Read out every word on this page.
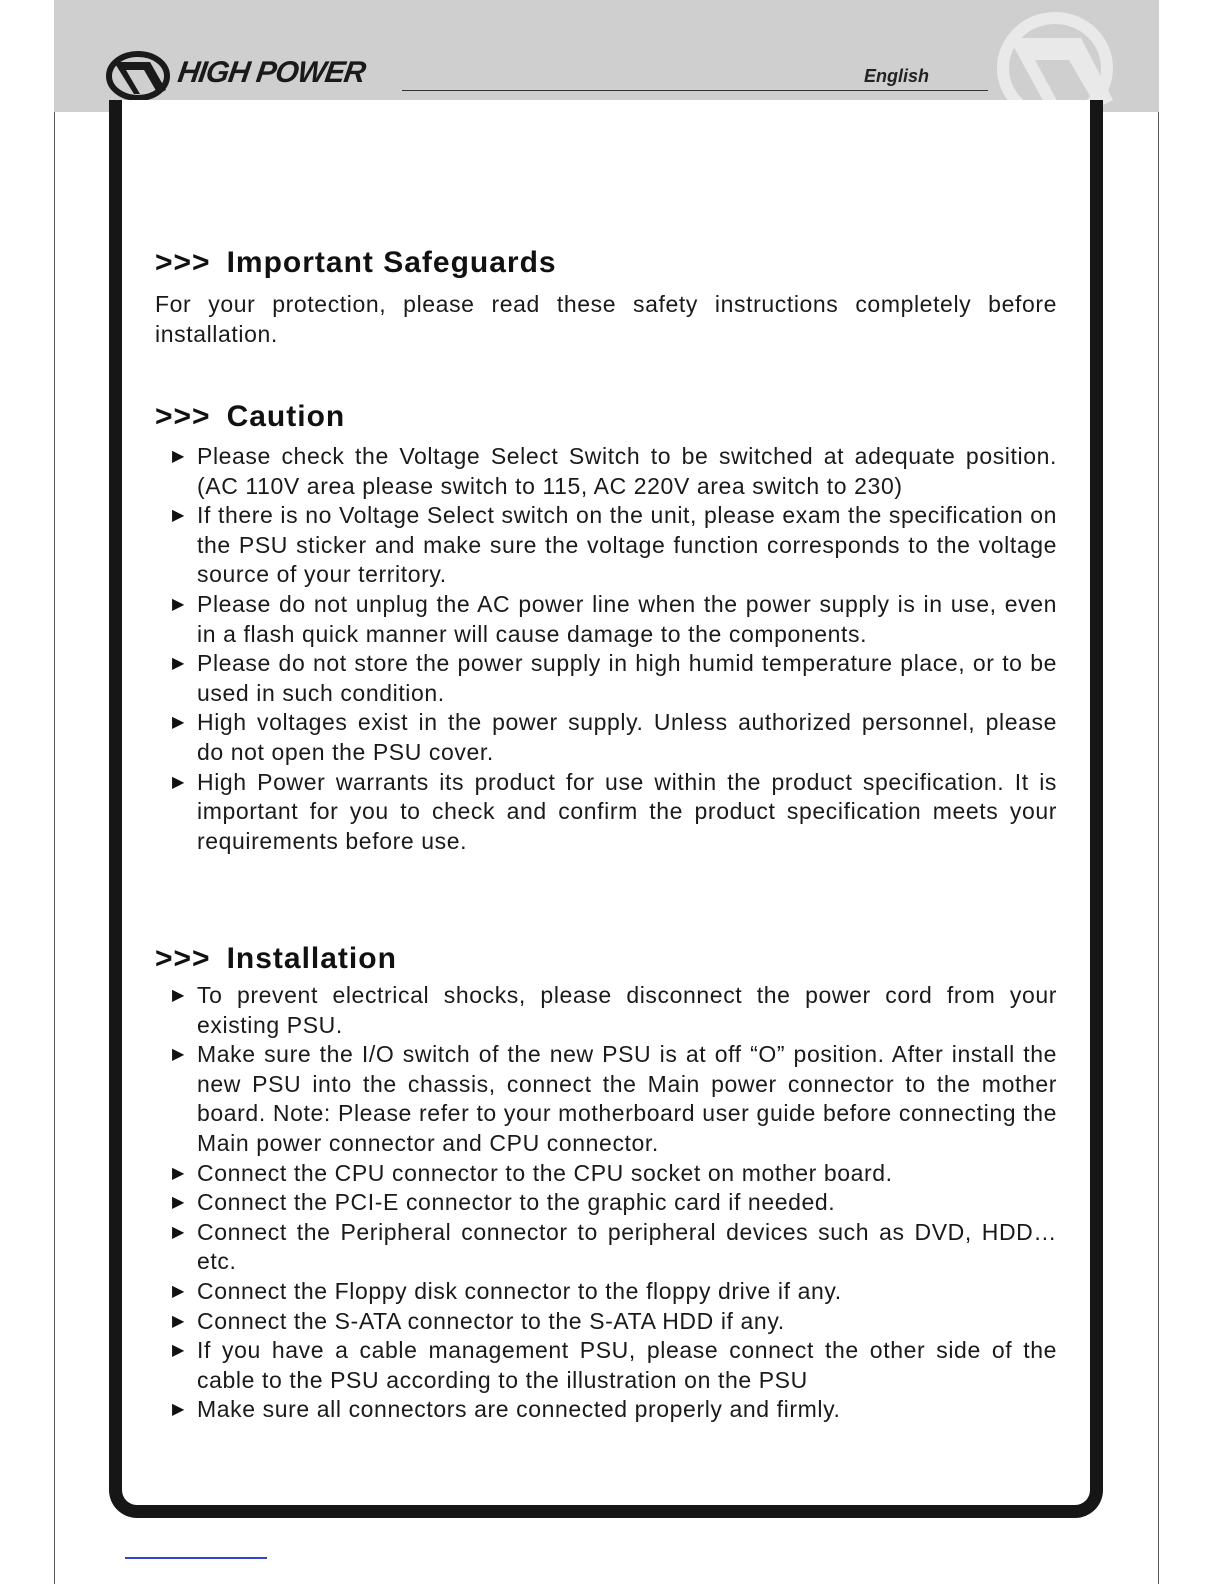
HIGH POWER	English
>>> Important Safeguards

For your protection, please read these safety instructions completely before installation.

>>> Caution
▶ Please check the Voltage Select Switch to be switched at adequate position. (AC 110V area please switch to 115, AC 220V area switch to 230)
▶ If there is no Voltage Select switch on the unit, please exam the specification on the PSU sticker and make sure the voltage function corresponds to the voltage source of your territory.
▶ Please do not unplug the AC power line when the power supply is in use, even in a flash quick manner will cause damage to the components.
▶ Please do not store the power supply in high humid temperature place, or to be used in such condition.
▶ High voltages exist in the power supply. Unless authorized personnel, please do not open the PSU cover.
▶ High Power warrants its product for use within the product specification. It is important for you to check and confirm the product specification meets your requirements before use.
>>> Installation
▶ To prevent electrical shocks, please disconnect the power cord from your existing PSU.
▶ Make sure the I/O switch of the new PSU is at off “O” position. After install the new PSU into the chassis, connect the Main power connector to the mother board. Note: Please refer to your motherboard user guide before connecting the Main power connector and CPU connector.
▶ Connect the CPU connector to the CPU socket on mother board.
▶ Connect the PCI-E connector to the graphic card if needed.
▶ Connect the Peripheral connector to peripheral devices such as DVD, HDD…etc.
▶ Connect the Floppy disk connector to the floppy drive if any.
▶ Connect the S-ATA connector to the S-ATA HDD if any.
▶ If you have a cable management PSU, please connect the other side of the cable to the PSU according to the illustration on the PSU
▶ Make sure all connectors are connected properly and firmly.
